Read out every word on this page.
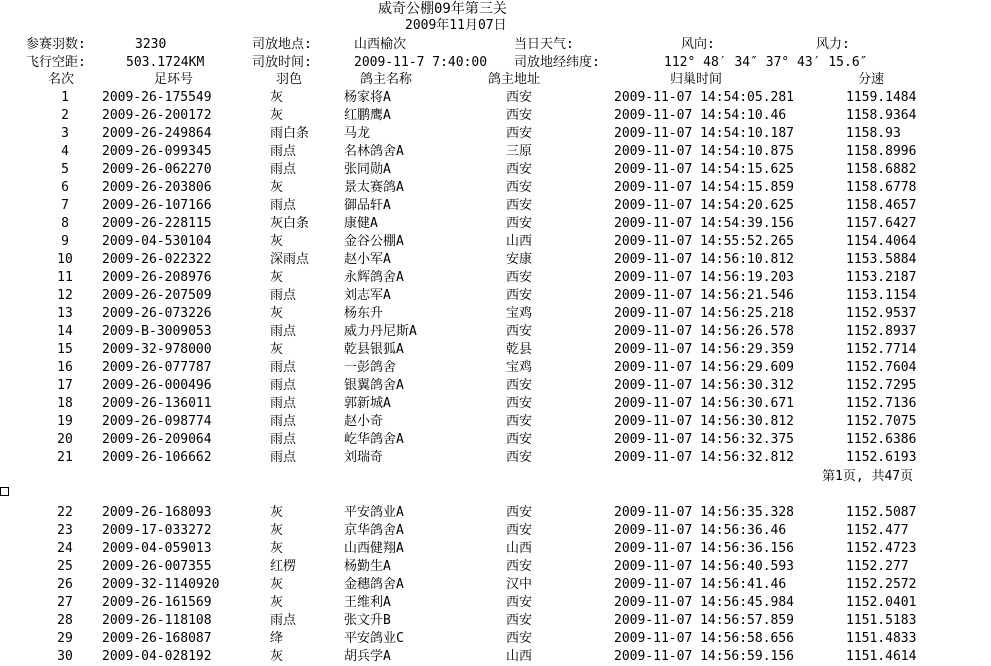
威奇公棚09年第三关
2009年11月07日
参赛羽数:	3230	司放地点:	山西榆次	当日天气:	风向:	风力:
飞行空距:	503.1724KM	司放时间:	2009-11-7 7:40:00 司放地经纬度:	112° 48′ 34″ 37° 43′ 15.6″
名次	足环号	羽色	鸽主名称	鸽主地址	归巢时间	分速
1	2009-26-175549	灰	杨家将A	西安	2009-11-07 14:54:05.281	1159.1484
2	2009-26-200172	灰	红鹏鹰A	西安	2009-11-07 14:54:10.46	1158.9364
3	2009-26-249864	雨白条	马龙	西安	2009-11-07 14:54:10.187	1158.93
4	2009-26-099345	雨点	名林鸽舍A	三原	2009-11-07 14:54:10.875	1158.8996
5	2009-26-062270	雨点	张同勋A	西安	2009-11-07 14:54:15.625	1158.6882
6	2009-26-203806	灰	景太赛鸽A	西安	2009-11-07 14:54:15.859	1158.6778
7	2009-26-107166	雨点	御品轩A	西安	2009-11-07 14:54:20.625	1158.4657
8	2009-26-228115	灰白条	康健A	西安	2009-11-07 14:54:39.156	1157.6427
9	2009-04-530104	灰	金谷公棚A	山西	2009-11-07 14:55:52.265	1154.4064
10	2009-26-022322	深雨点	赵小军A	安康	2009-11-07 14:56:10.812	1153.5884
11	2009-26-208976	灰	永辉鸽舍A	西安	2009-11-07 14:56:19.203	1153.2187
12	2009-26-207509	雨点	刘志军A	西安	2009-11-07 14:56:21.546	1153.1154
13	2009-26-073226	灰	杨东升	宝鸡	2009-11-07 14:56:25.218	1152.9537
14	2009-B-3009053	雨点	威力丹尼斯A	西安	2009-11-07 14:56:26.578	1152.8937
15	2009-32-978000	灰	乾县银狐A	乾县	2009-11-07 14:56:29.359	1152.7714
16	2009-26-077787	雨点	一彭鸽舍	宝鸡	2009-11-07 14:56:29.609	1152.7604
17	2009-26-000496	雨点	银翼鸽舍A	西安	2009-11-07 14:56:30.312	1152.7295
18	2009-26-136011	雨点	郭新城A	西安	2009-11-07 14:56:30.671	1152.7136
19	2009-26-098774	雨点	赵小奇	西安	2009-11-07 14:56:30.812	1152.7075
20	2009-26-209064	雨点	屹华鸽舍A	西安	2009-11-07 14:56:32.375	1152.6386
21	2009-26-106662	雨点	刘瑞奇	西安	2009-11-07 14:56:32.812	1152.6193
第1页, 共47页
22	2009-26-168093	灰	平安鸽业A	西安	2009-11-07 14:56:35.328	1152.5087
23	2009-17-033272	灰	京华鸽舍A	西安	2009-11-07 14:56:36.46	1152.477
24	2009-04-059013	灰	山西健翔A	山西	2009-11-07 14:56:36.156	1152.4723
25	2009-26-007355	红楞	杨勤生A	西安	2009-11-07 14:56:40.593	1152.277
26	2009-32-1140920	灰	金穗鸽舍A	汉中	2009-11-07 14:56:41.46	1152.2572
27	2009-26-161569	灰	王维利A	西安	2009-11-07 14:56:45.984	1152.0401
28	2009-26-118108	雨点	张文升B	西安	2009-11-07 14:56:57.859	1151.5183
29	2009-26-168087	绛	平安鸽业C	西安	2009-11-07 14:56:58.656	1151.4833
30	2009-04-028192	灰	胡兵学A	山西	2009-11-07 14:56:59.156	1151.4614
